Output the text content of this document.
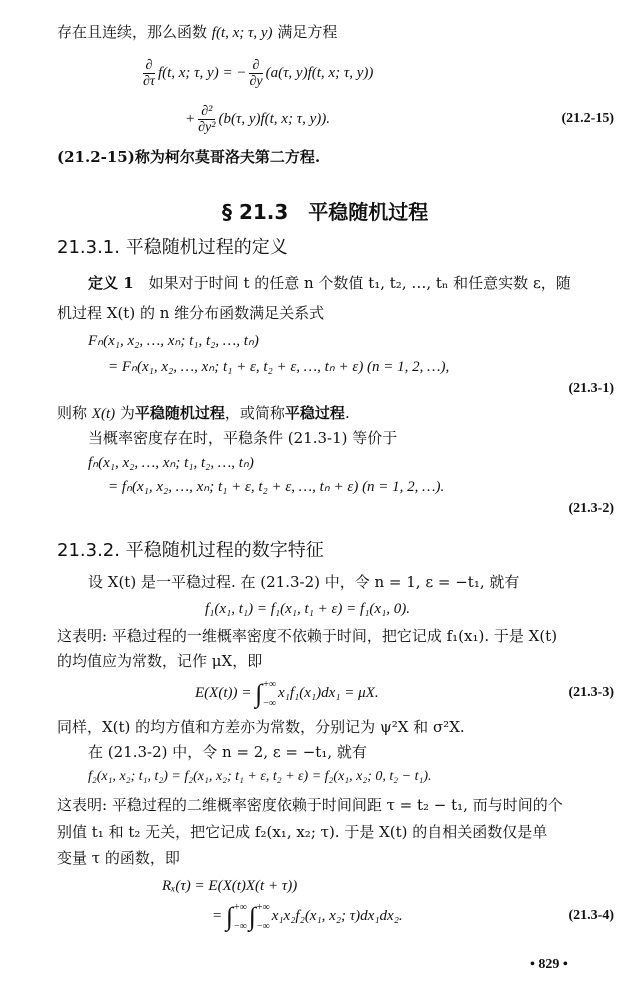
存在且连续，那么函数 f(t, x; τ, y) 满足方程
$\frac{\partial}{\partial\tau} f(t$, x; τ, y) = − $\frac{\partial}{\partial y} (a(\tau$, y)f(t, x; τ, y))
+ $\frac{\text{∂²}}{\text{∂y²}} (b(\tau$, y)f(t, x; τ, y)).	(21.2-15)
(21.2-15)称为柯尔莫哥洛夫第二方程.
§ 21.3　平稳随机过程
21.3.1. 平稳随机过程的定义
定义 1　如果对于时间 t 的任意 n 个数值 t₁, t₂, …, tₙ 和任意实数 ε，随
机过程 X(t) 的 n 维分布函数满足关系式
Fₙ(x₁, x₂, …, xₙ; t₁, t₂, …, tₙ)
= Fₙ(x₁, x₂, …, xₙ; t₁ + ε, t₂ + ε, …, tₙ + ε) (n = 1, 2, …),
(21.3-1)
则称 X(t) 为平稳随机过程，或简称平稳过程.
当概率密度存在时，平稳条件 (21.3-1) 等价于
fₙ(x₁, x₂, …, xₙ; t₁, t₂, …, tₙ)
= fₙ(x₁, x₂, …, xₙ; t₁ + ε, t₂ + ε, …, tₙ + ε) (n = 1, 2, …).
(21.3-2)
21.3.2. 平稳随机过程的数字特征
设 X(t) 是一平稳过程. 在 (21.3-2) 中，令 n = 1, ε = −t₁, 就有
f₁(x₁, t₁) = f₁(x₁, t₁ + ε) = f₁(x₁, 0).
这表明: 平稳过程的一维概率密度不依赖于时间，把它记成 f₁(x₁). 于是 X(t)
的均值应为常数，记作 μX，即
E(X(t)) = ∫ +∞
−∞
x₁f₁(x₁)dx₁ = μX.	(21.3-3)
同样，X(t) 的均方值和方差亦为常数，分别记为 ψ²X 和 σ²X.
在 (21.3-2) 中，令 n = 2, ε = −t₁, 就有
f₂(x₁, x₂; t₁, t₂) = f₂(x₁, x₂; t₁ + ε, t₂ + ε) = f₂(x₁, x₂; 0, t₂ − t₁).
这表明: 平稳过程的二维概率密度依赖于时间间距 τ = t₂ − t₁, 而与时间的个
别值 t₁ 和 t₂ 无关，把它记成 f₂(x₁, x₂; τ). 于是 X(t) 的自相关函数仅是单
变量 τ 的函数，即
Rₓ(τ) = E(X(t)X(t + τ))
= ∫ +∞
−∞ ∫ +∞
−∞
x₁x₂f₂(x₁, x₂; τ)dx₁dx₂.	(21.3-4)
• 829 •
